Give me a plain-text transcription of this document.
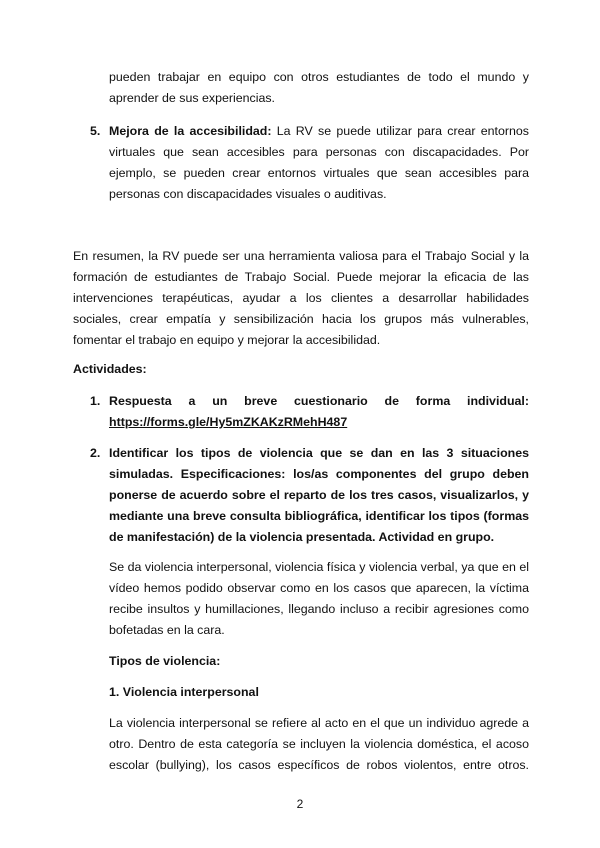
pueden trabajar en equipo con otros estudiantes de todo el mundo y aprender de sus experiencias.

5. Mejora de la accesibilidad: La RV se puede utilizar para crear entornos virtuales que sean accesibles para personas con discapacidades. Por ejemplo, se pueden crear entornos virtuales que sean accesibles para personas con discapacidades visuales o auditivas.

En resumen, la RV puede ser una herramienta valiosa para el Trabajo Social y la formación de estudiantes de Trabajo Social. Puede mejorar la eficacia de las intervenciones terapéuticas, ayudar a los clientes a desarrollar habilidades sociales, crear empatía y sensibilización hacia los grupos más vulnerables, fomentar el trabajo en equipo y mejorar la accesibilidad.

Actividades:

1. Respuesta a un breve cuestionario de forma individual: https://forms.gle/Hy5mZKAKzRMehH487

2. Identificar los tipos de violencia que se dan en las 3 situaciones simuladas. Especificaciones: los/as componentes del grupo deben ponerse de acuerdo sobre el reparto de los tres casos, visualizarlos, y mediante una breve consulta bibliográfica, identificar los tipos (formas de manifestación) de la violencia presentada. Actividad en grupo.

Se da violencia interpersonal, violencia física y violencia verbal, ya que en el vídeo hemos podido observar como en los casos que aparecen, la víctima recibe insultos y humillaciones, llegando incluso a recibir agresiones como bofetadas en la cara.

Tipos de violencia:

1. Violencia interpersonal

La violencia interpersonal se refiere al acto en el que un individuo agrede a otro. Dentro de esta categoría se incluyen la violencia doméstica, el acoso escolar (bullying), los casos específicos de robos violentos, entre otros.

2
